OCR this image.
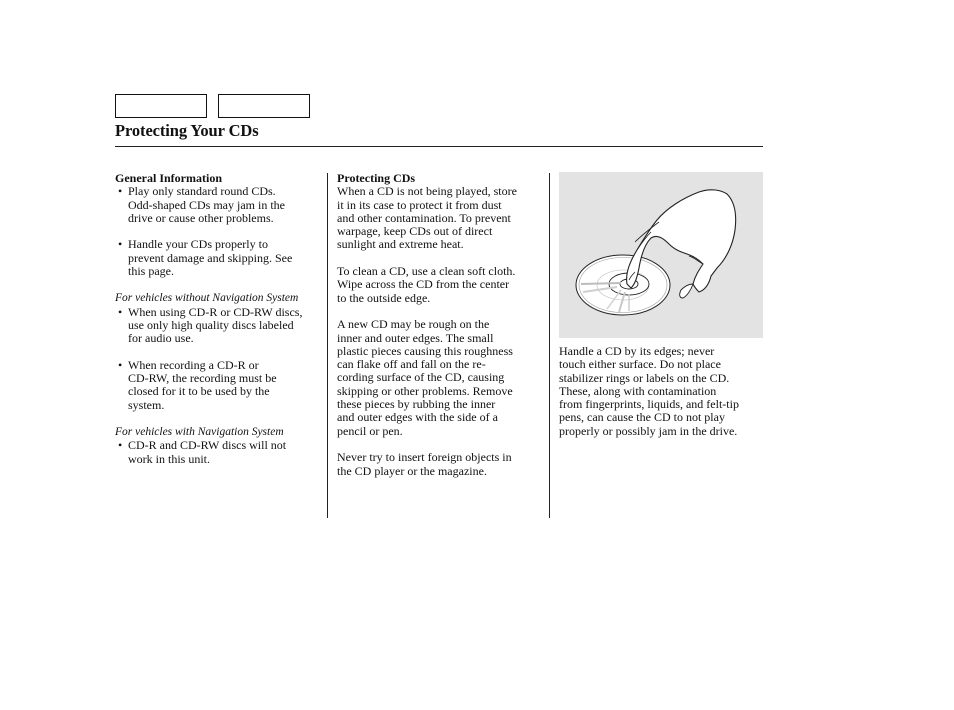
Protecting Your CDs
General Information
• Play only standard round CDs.
Odd-shaped CDs may jam in the
drive or cause other problems.
• Handle your CDs properly to
prevent damage and skipping. See
this page.
For vehicles without Navigation System
• When using CD-R or CD-RW discs,
use only high quality discs labeled
for audio use.
• When recording a CD-R or
CD-RW, the recording must be
closed for it to be used by the
system.
For vehicles with Navigation System
• CD-R and CD-RW discs will not
work in this unit.
Protecting CDs
When a CD is not being played, store
it in its case to protect it from dust
and other contamination. To prevent
warpage, keep CDs out of direct
sunlight and extreme heat.
To clean a CD, use a clean soft cloth.
Wipe across the CD from the center
to the outside edge.
A new CD may be rough on the
inner and outer edges. The small
plastic pieces causing this roughness
can flake off and fall on the re-
cording surface of the CD, causing
skipping or other problems. Remove
these pieces by rubbing the inner
and outer edges with the side of a
pencil or pen.
Never try to insert foreign objects in
the CD player or the magazine.
Handle a CD by its edges; never
touch either surface. Do not place
stabilizer rings or labels on the CD.
These, along with contamination
from fingerprints, liquids, and felt-tip
pens, can cause the CD to not play
properly or possibly jam in the drive.
